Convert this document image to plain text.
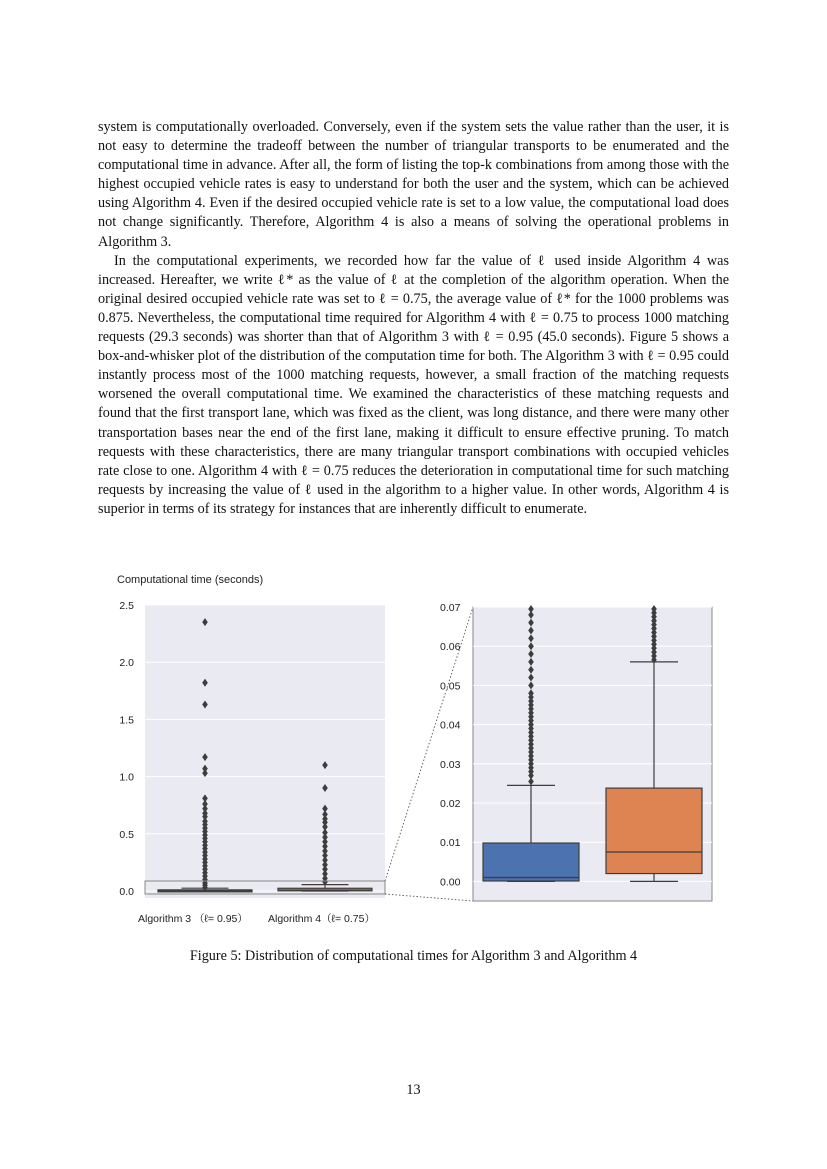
system is computationally overloaded. Conversely, even if the system sets the value rather than the user, it is not easy to determine the tradeoff between the number of triangular transports to be enumerated and the computational time in advance. After all, the form of listing the top-k combinations from among those with the highest occupied vehicle rates is easy to understand for both the user and the system, which can be achieved using Algorithm 4. Even if the desired occupied vehicle rate is set to a low value, the computational load does not change significantly. Therefore, Algorithm 4 is also a means of solving the operational problems in Algorithm 3.

In the computational experiments, we recorded how far the value of ℓ used inside Algorithm 4 was increased. Hereafter, we write ℓ* as the value of ℓ at the completion of the algorithm operation. When the original desired occupied vehicle rate was set to ℓ = 0.75, the average value of ℓ* for the 1000 problems was 0.875. Nevertheless, the computational time required for Algorithm 4 with ℓ = 0.75 to process 1000 matching requests (29.3 seconds) was shorter than that of Algorithm 3 with ℓ = 0.95 (45.0 seconds). Figure 5 shows a box-and-whisker plot of the distribution of the computation time for both. The Algorithm 3 with ℓ = 0.95 could instantly process most of the 1000 matching requests, however, a small fraction of the matching requests worsened the overall computational time. We examined the characteristics of these matching requests and found that the first transport lane, which was fixed as the client, was long distance, and there were many other transportation bases near the end of the first lane, making it difficult to ensure effective pruning. To match requests with these characteristics, there are many triangular transport combinations with occupied vehicles rate close to one. Algorithm 4 with ℓ = 0.75 reduces the deterioration in computational time for such matching requests by increasing the value of ℓ used in the algorithm to a higher value. In other words, Algorithm 4 is superior in terms of its strategy for instances that are inherently difficult to enumerate.

Computational time (seconds)
0.0
0.5
1.0
1.5
2.0
2.5
Algorithm 3 （ℓ= 0.95） Algorithm 4（ℓ= 0.75）
0.00
0.01
0.02
0.03
0.04
0.05
0.06
0.07
Figure 5: Distribution of computational times for Algorithm 3 and Algorithm 4
13
